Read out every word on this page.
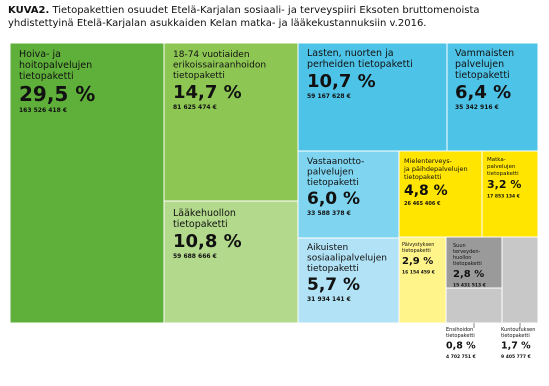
KUVA2. Tietopakettien osuudet Etelä-Karjalan sosiaali- ja terveyspiiri Eksoten bruttomenoista yhdistettyinä Etelä-Karjalan asukkaiden Kelan matka- ja lääkekustannuksiin v.2016.
Hoiva- ja
hoitopalvelujen
tietopaketti
29,5 %
163 526 418 €
18-74 vuotiaiden
erikoissairaanhoidon
tietopaketti
14,7 %
81 625 474 €
Lääkehuollon
tietopaketti
10,8 %
59 688 666 €
Lasten, nuorten ja
perheiden tietopaketti
10,7 %
59 167 628 €
Vammaisten
palvelujen
tietopaketti
6,4 %
35 342 916 €
Vastaanotto-
palvelujen
tietopaketti
6,0 %
33 588 378 €
Aikuisten
sosiaalipalvelujen
tietopaketti
5,7 %
31 934 141 €
Mielenterveys-
ja päihdepalvelujen
tietopaketti
4,8 %
26 465 406 €
Matka-
palvelujen
tietopaketti
3,2 %
17 853 134 €
Päivystyksen
tietopaketti
2,9 %
16 154 459 €
Suun
terveyden-
huollon
tietopaketti
2,8 %
15 431 513 €
Ensihoidon
tietopaketti
0,8 %
4 702 751 €
Kuntoutuksen
tietopaketti
1,7 %
9 405 777 €
